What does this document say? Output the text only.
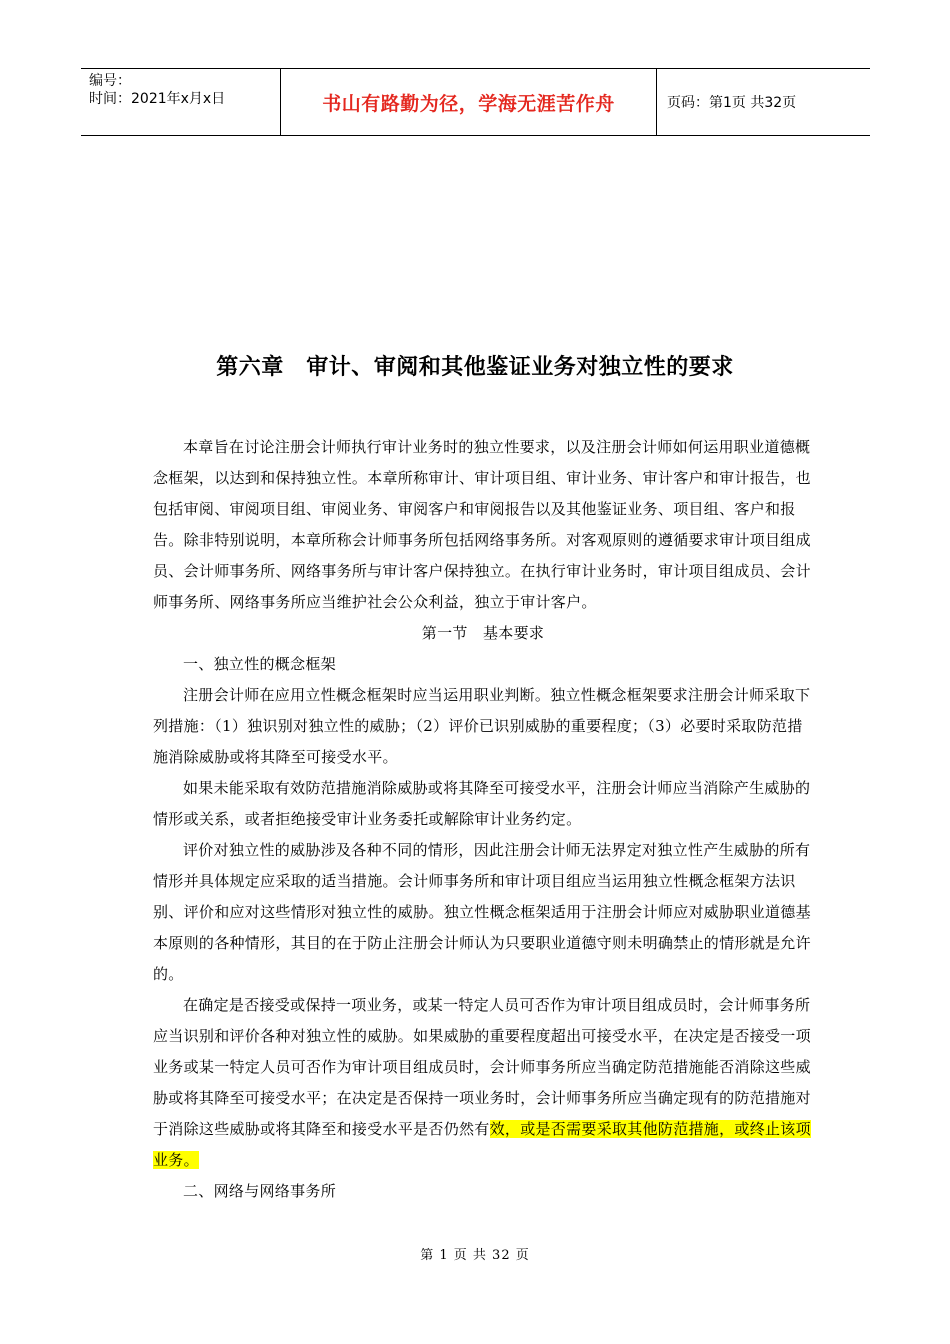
编号：
时间：2021年x月x日	书山有路勤为径，学海无涯苦作舟	页码：第1页 共32页
第六章　审计、审阅和其他鉴证业务对独立性的要求

本章旨在讨论注册会计师执行审计业务时的独立性要求，以及注册会计师如何运用职业道德概念框架，以达到和保持独立性。本章所称审计、审计项目组、审计业务、审计客户和审计报告，也包括审阅、审阅项目组、审阅业务、审阅客户和审阅报告以及其他鉴证业务、项目组、客户和报告。除非特别说明，本章所称会计师事务所包括网络事务所。对客观原则的遵循要求审计项目组成员、会计师事务所、网络事务所与审计客户保持独立。在执行审计业务时，审计项目组成员、会计师事务所、网络事务所应当维护社会公众利益，独立于审计客户。

第一节　基本要求

一、独立性的概念框架

注册会计师在应用立性概念框架时应当运用职业判断。独立性概念框架要求注册会计师采取下列措施：（1）独识别对独立性的威胁；（2）评价已识别威胁的重要程度；（3）必要时采取防范措施消除威胁或将其降至可接受水平。

如果未能采取有效防范措施消除威胁或将其降至可接受水平，注册会计师应当消除产生威胁的情形或关系，或者拒绝接受审计业务委托或解除审计业务约定。

评价对独立性的威胁涉及各种不同的情形，因此注册会计师无法界定对独立性产生威胁的所有情形并具体规定应采取的适当措施。会计师事务所和审计项目组应当运用独立性概念框架方法识别、评价和应对这些情形对独立性的威胁。独立性概念框架适用于注册会计师应对威胁职业道德基本原则的各种情形，其目的在于防止注册会计师认为只要职业道德守则未明确禁止的情形就是允许的。

在确定是否接受或保持一项业务，或某一特定人员可否作为审计项目组成员时，会计师事务所应当识别和评价各种对独立性的威胁。如果威胁的重要程度超出可接受水平，在决定是否接受一项业务或某一特定人员可否作为审计项目组成员时，会计师事务所应当确定防范措施能否消除这些威胁或将其降至可接受水平；在决定是否保持一项业务时，会计师事务所应当确定现有的防范措施对于消除这些威胁或将其降至和接受水平是否仍然有效，或是否需要采取其他防范措施，或终止该项业务。

二、网络与网络事务所

第 1 页 共 32 页
